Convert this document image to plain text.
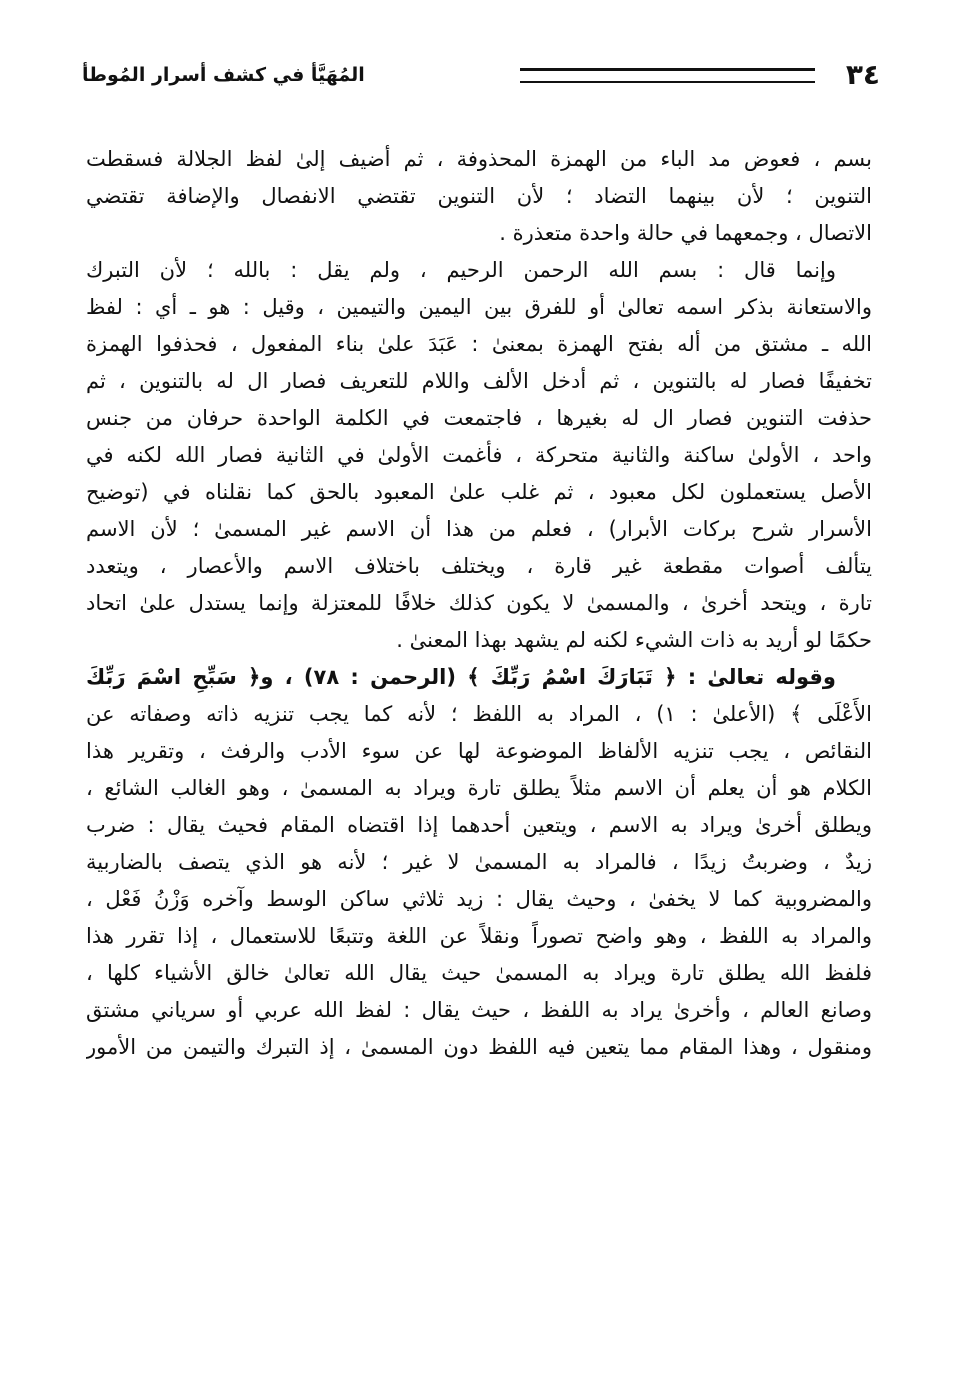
٣٤
المُهَيَّأ في كشف أسرار المُوطأ
بسم ، فعوض مد الباء من الهمزة المحذوفة ، ثم أضيف إلىٰ لفظ الجلالة فسقطت
التنوين ؛ لأن بينهما التضاد ؛ لأن التنوين تقتضي الانفصال والإضافة تقتضي
الاتصال ، وجمعهما في حالة واحدة متعذرة .
وإنما قال : بسم الله الرحمن الرحيم ، ولم يقل : بالله ؛ لأن التبرك
والاستعانة بذكر اسمه تعالىٰ أو للفرق بين اليمين والتيمين ، وقيل : هو ـ أي : لفظ
الله ـ مشتق من أله بفتح الهمزة بمعنىٰ : عَبَدَ علىٰ بناء المفعول ، فحذفوا الهمزة
تخفيفًا فصار له بالتنوين ، ثم أدخل الألف واللام للتعريف فصار ال له بالتنوين ، ثم
حذفت التنوين فصار ال له بغيرها ، فاجتمعت في الكلمة الواحدة حرفان من جنس
واحد ، الأولىٰ ساكنة والثانية متحركة ، فأغمت الأولىٰ في الثانية فصار الله لكنه في
الأصل يستعملون لكل معبود ، ثم غلب علىٰ المعبود بالحق كما نقلناه في (توضيح
الأسرار شرح بركات الأبرار) ، فعلم من هذا أن الاسم غير المسمىٰ ؛ لأن الاسم
يتألف أصوات مقطعة غير قارة ، ويختلف باختلاف الاسم والأعصار ، ويتعدد
تارة ، ويتحد أخرىٰ ، والمسمىٰ لا يكون كذلك خلافًا للمعتزلة وإنما يستدل علىٰ اتحاد
حكمًا لو أريد به ذات الشيء لكنه لم يشهد بهذا المعنىٰ .
وقوله تعالىٰ : ﴿ تَبَارَكَ اسْمُ رَبِّكَ ﴾ (الرحمن : ٧٨) ، و﴿ سَبِّحِ اسْمَ رَبِّكَ
الأَعْلَى ﴾ (الأعلىٰ : ١) ، المراد به اللفظ ؛ لأنه كما يجب تنزيه ذاته وصفاته عن
النقائص ، يجب تنزيه الألفاظ الموضوعة لها عن سوء الأدب والرفث ، وتقرير هذا
الكلام هو أن يعلم أن الاسم مثلاً يطلق تارة ويراد به المسمىٰ ، وهو الغالب الشائع ،
ويطلق أخرىٰ ويراد به الاسم ، ويتعين أحدهما إذا اقتضاه المقام فحيث يقال : ضرب
زيدٌ ، وضربتُ زيدًا ، فالمراد به المسمىٰ لا غير ؛ لأنه هو الذي يتصف بالضاربية
والمضروبية كما لا يخفىٰ ، وحيث يقال : زيد ثلاثي ساكن الوسط وآخره وَزْنُ فَعْل ،
والمراد به اللفظ ، وهو واضح تصوراً ونقلاً عن اللغة وتتبعًا للاستعمال ، إذا تقرر هذا
فلفظ الله يطلق تارة ويراد به المسمىٰ حيث يقال الله تعالىٰ خالق الأشياء كلها ،
وصانع العالم ، وأخرىٰ يراد به اللفظ ، حيث يقال : لفظ الله عربي أو سرياني مشتق
ومنقول ، وهذا المقام مما يتعين فيه اللفظ دون المسمىٰ ، إذ التبرك والتيمن من الأمور
